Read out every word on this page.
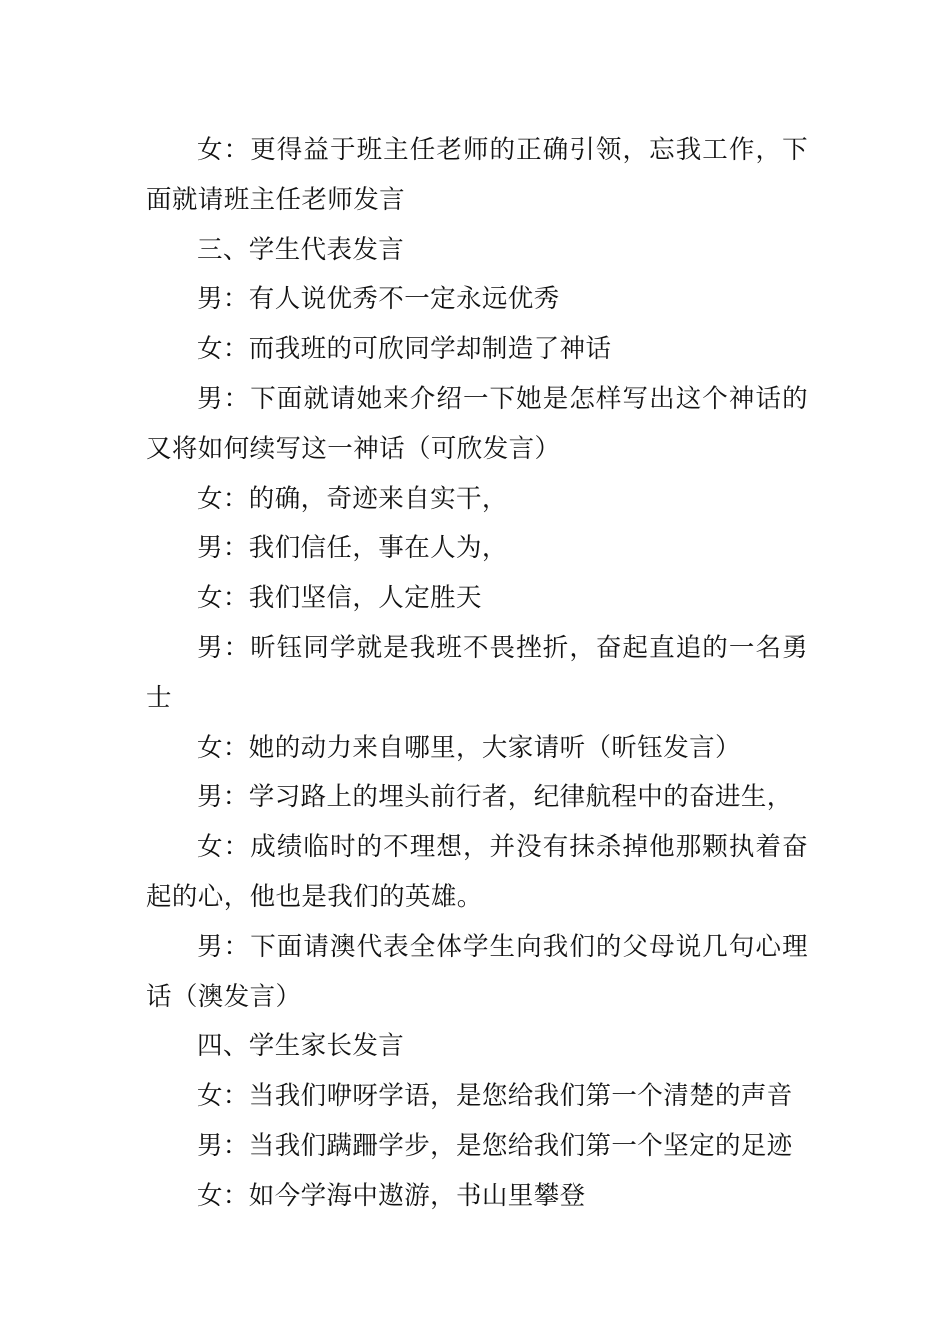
女：更得益于班主任老师的正确引领，忘我工作，下面就请班主任老师发言

三、学生代表发言

男：有人说优秀不一定永远优秀

女：而我班的可欣同学却制造了神话

男：下面就请她来介绍一下她是怎样写出这个神话的又将如何续写这一神话（可欣发言）

女：的确，奇迹来自实干，

男：我们信任，事在人为，

女：我们坚信，人定胜天

男：昕钰同学就是我班不畏挫折，奋起直追的一名勇士

女：她的动力来自哪里，大家请听（昕钰发言）

男：学习路上的埋头前行者，纪律航程中的奋进生，

女：成绩临时的不理想，并没有抹杀掉他那颗执着奋起的心，他也是我们的英雄。

男：下面请澳代表全体学生向我们的父母说几句心理话（澳发言）

四、学生家长发言

女：当我们咿呀学语，是您给我们第一个清楚的声音

男：当我们蹒跚学步，是您给我们第一个坚定的足迹

女：如今学海中遨游，书山里攀登
